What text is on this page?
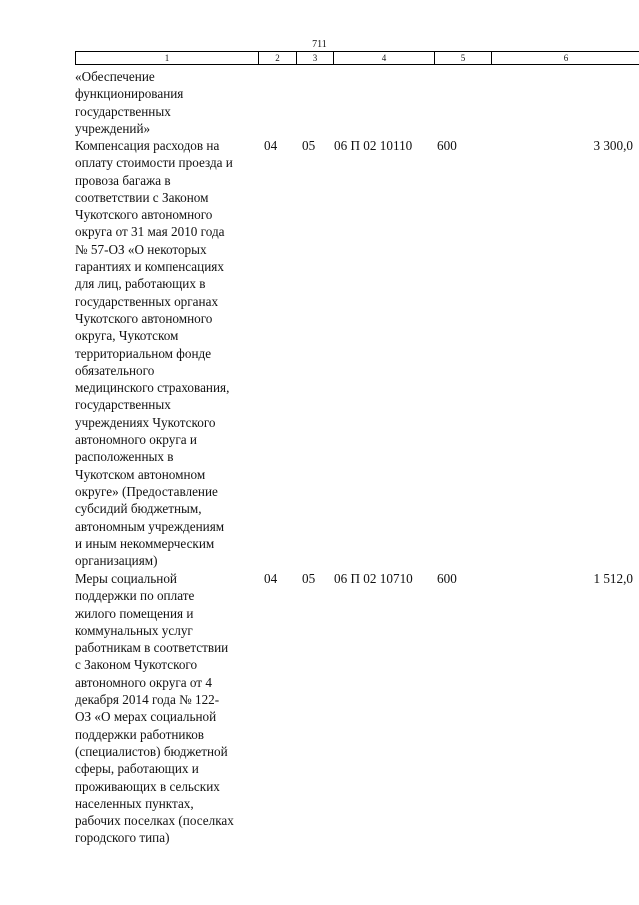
711
1	2	3	4	5	6
«Обеспечение
функционирования
государственных
учреждений»
Компенсация расходов на
оплату стоимости проезда и
провоза багажа в
соответствии с Законом
Чукотского автономного
округа от 31 мая 2010 года
№ 57-ОЗ «О некоторых
гарантиях и компенсациях
для лиц, работающих в
государственных органах
Чукотского автономного
округа, Чукотском
территориальном фонде
обязательного
медицинского страхования,
государственных
учреждениях Чукотского
автономного округа и
расположенных в
Чукотском автономном
округе» (Предоставление
субсидий бюджетным,
автономным учреждениям
и иным некоммерческим
организациям)
04	05	06 П 02 10110	600	3 300,0
Меры социальной
поддержки по оплате
жилого помещения и
коммунальных услуг
работникам в соответствии
с Законом Чукотского
автономного округа от 4
декабря 2014 года № 122-
ОЗ «О мерах социальной
поддержки работников
(специалистов) бюджетной
сферы, работающих и
проживающих в сельских
населенных пунктах,
рабочих поселках (поселках
городского типа)
04	05	06 П 02 10710	600	1 512,0
